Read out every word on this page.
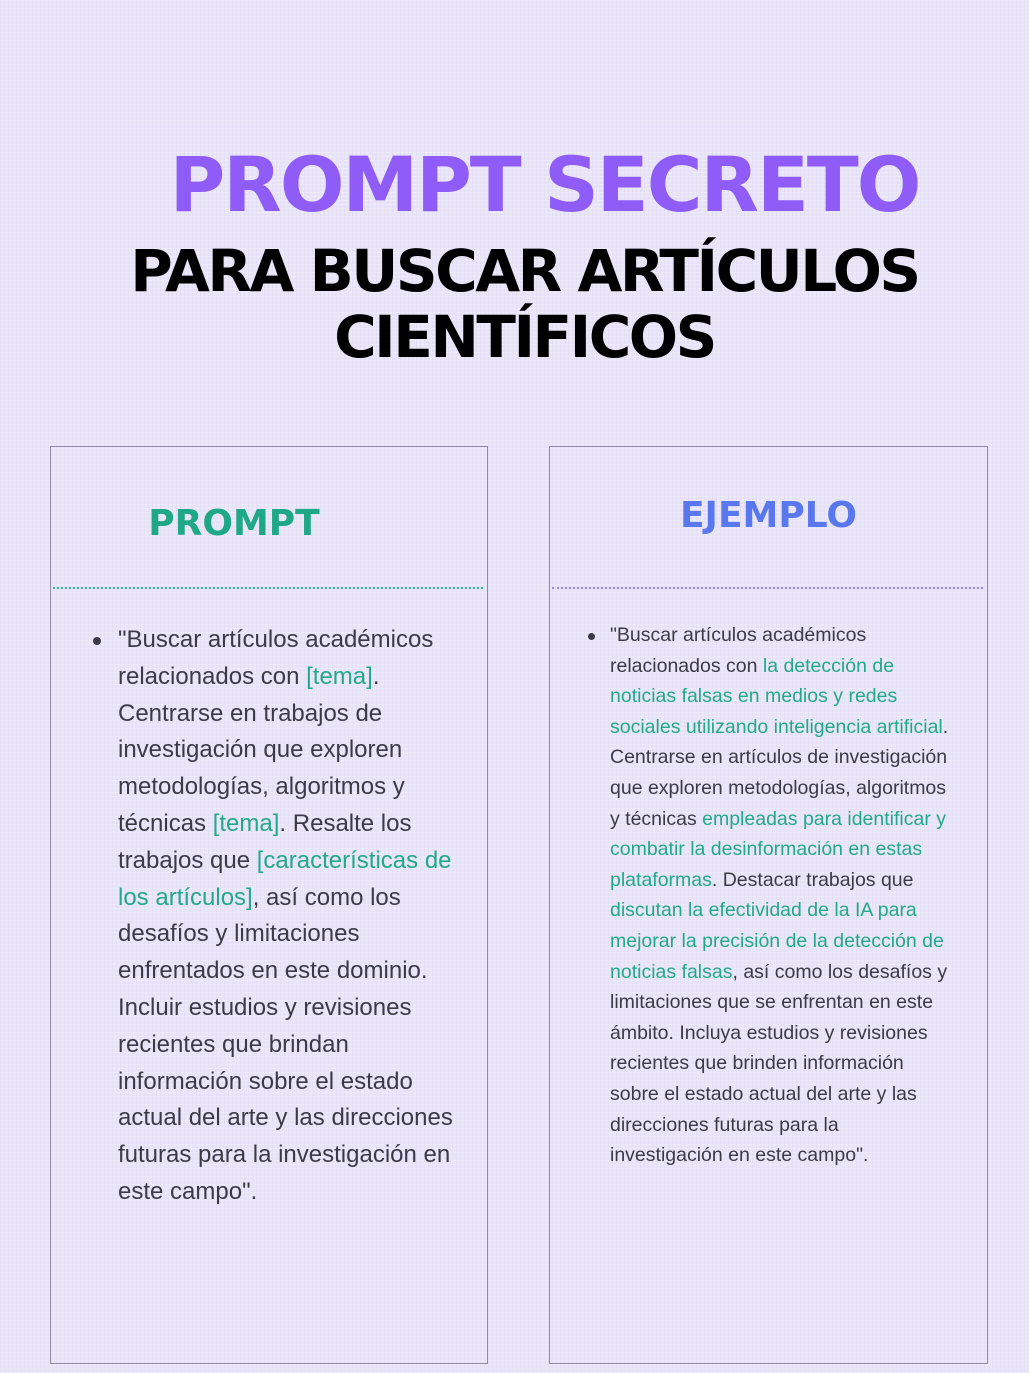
PROMPT SECRETO
PARA BUSCAR ARTÍCULOS
CIENTÍFICOS
PROMPT
"Buscar artículos académicos relacionados con [tema]. Centrarse en trabajos de investigación que exploren metodologías, algoritmos y técnicas [tema]. Resalte los trabajos que [características de los artículos], así como los desafíos y limitaciones enfrentados en este dominio. Incluir estudios y revisiones recientes que brindan información sobre el estado actual del arte y las direcciones futuras para la investigación en este campo".
EJEMPLO
"Buscar artículos académicos relacionados con la detección de noticias falsas en medios y redes sociales utilizando inteligencia artificial. Centrarse en artículos de investigación que exploren metodologías, algoritmos y técnicas empleadas para identificar y combatir la desinformación en estas plataformas. Destacar trabajos que discutan la efectividad de la IA para mejorar la precisión de la detección de noticias falsas, así como los desafíos y limitaciones que se enfrentan en este ámbito. Incluya estudios y revisiones recientes que brinden información sobre el estado actual del arte y las direcciones futuras para la investigación en este campo".
